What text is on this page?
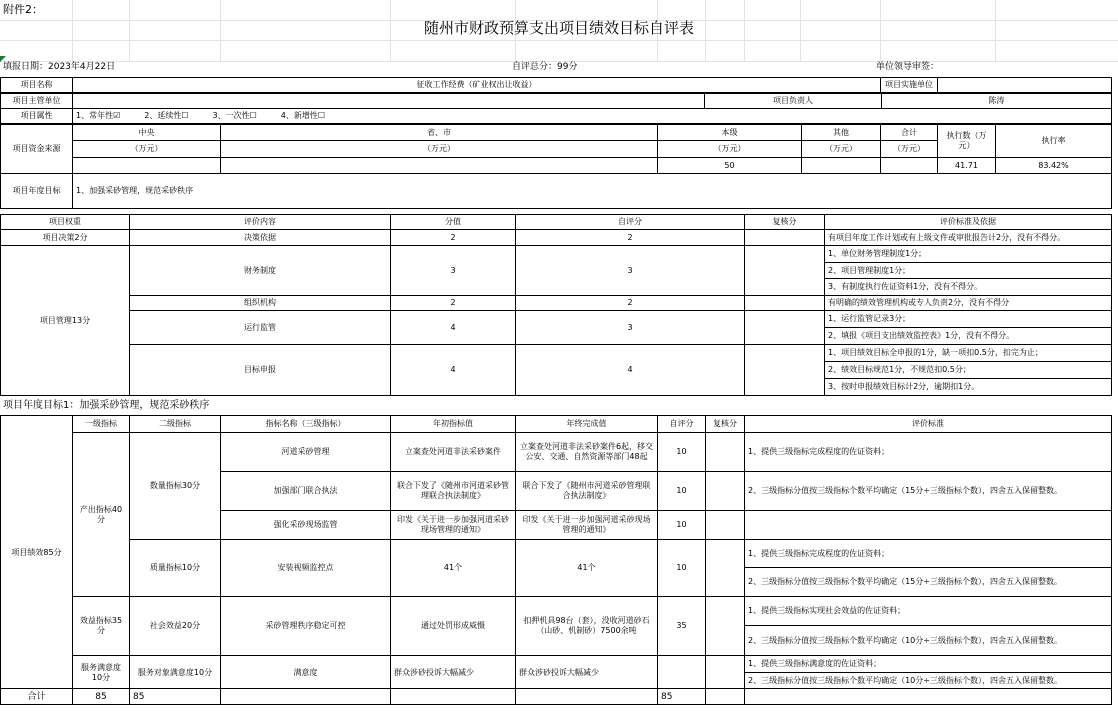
附件2：
随州市财政预算支出项目绩效目标自评表
填报日期：2023年4月22日	自评总分：99分	单位领导审签：
项目名称	征收工作经费（矿业权出让收益）	项目实施单位	
项目主管单位		项目负责人	陈涛
项目属性	1、常年性☑ 2、延续性☐ 3、一次性☐ 4、新增性☐		
项目资金来源	中央	省、市	本级	其他	合计	执行数（万元）	执行率
	（万元）	（万元）	（万元）	（万元）	（万元）		
			50			41.71	83.42%
项目年度目标	1、加强采砂管理，规范采砂秩序						
项目权重	评价内容	分值	自评分	复核分	评价标准及依据
项目决策2分	决策依据	2	2		有项目年度工作计划或有上级文件或审批报告计2分，没有不得分。
项目管理13分	财务制度	3	3		1、单位财务管理制度1分；
					2、项目管理制度1分；
					3、有制度执行佐证资料1分，没有不得分。
	组织机构	2	2		有明确的绩效管理机构或专人负责2分，没有不得分
	运行监管	4	3		1、运行监管记录3分；
					2、填报《项目支出绩效监控表》1分，没有不得分。
	目标申报	4	4		1、项目绩效目标全申报的1分，缺一项扣0.5分，扣完为止；
					2、绩效目标规范1分，不规范扣0.5分；
					3、按时申报绩效目标计2分，逾期扣1分。
项目年度目标1：加强采砂管理，规范采砂秩序
项目绩效85分	一级指标	二级指标	指标名称（三级指标）	年初指标值	年终完成值	自评分	复核分	评价标准
	产出指标40分	数量指标30分	河道采砂管理	立案查处河道非法采砂案件	立案查处河道非法采砂案件6起，移交公安、交通、自然资源等部门48起	10		1、提供三级指标完成程度的佐证资料；
			加强部门联合执法	联合下发了《随州市河道采砂管理联合执法制度》	联合下发了《随州市河道采砂管理联合执法制度》	10		2、三级指标分值按三级指标个数平均确定（15分÷三级指标个数），四舍五入保留整数。
			强化采砂现场监管	印发《关于进一步加强河道采砂现场管理的通知》	印发《关于进一步加强河道采砂现场管理的通知》	10		
		质量指标10分	安装视频监控点	41个	41个	10		1、提供三级指标完成程度的佐证资料；
2、三级指标分值按三级指标个数平均确定（15分÷三级指标个数），四舍五入保留整数。

	效益指标35分	社会效益20分	采砂管理秩序稳定可控	通过处罚形成威慑	扣押机具98台（套），没收河道砂石（山砂、机制砂）7500余吨	35		1、提供三级指标实现社会效益的佐证资料；
2、三级指标分值按三级指标个数平均确定（10分÷三级指标个数），四舍五入保留整数。

	服务满意度10分	服务对象满意度10分	满意度	群众涉砂投诉大幅减少	群众涉砂投诉大幅减少			1、提供三级指标满意度的佐证资料；
2、三级指标分值按三级指标个数平均确定（10分÷三级指标个数），四舍五入保留整数。

合计	85	85				85		
